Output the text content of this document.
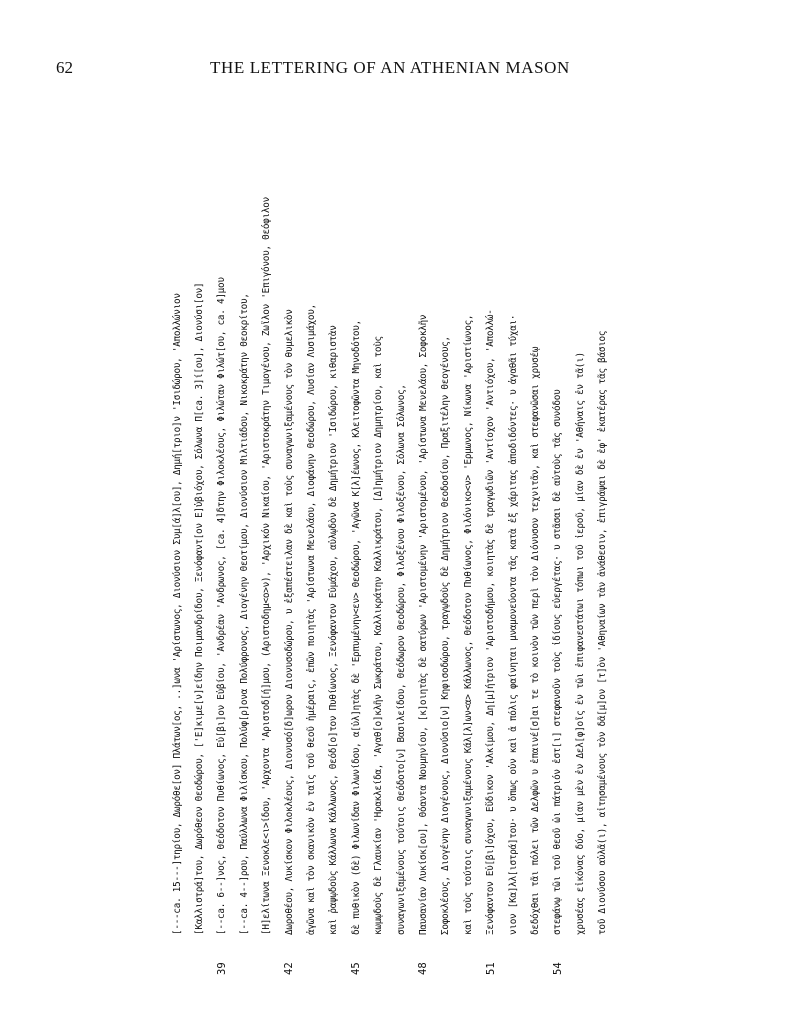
62	THE LETTERING OF AN ATHENIAN MASON
[---ca. 15---]τηρίου, Δωρόθε[ον] Πλάτων[ος, ..]ωνα 'Αρίστωνος, Διονύσιον Συμ[ά]λ[ου], Δημή[τριο]ν 'Ισιδώρου, 'Απολλώνιον [Καλλιστρά]του, Δωρόθεον Θεοδώρου, ['Ε]κιμε[ν]είδην Ποιμανδρίδου, Ξενόφαντ[ον Ε]ὐβιόχου, Σόλωνα Π[ca. 3]ί[ου], Διονύσι[ον]
39
[--ca. 6--]νος, Θεόδοτον Πυθίωνος, Εὐ[βι]ον Εὐβίου, 'Ανδρέαν 'Ανδρωνος, [ca. 4]δτην Φιλοκλέους, Φιλώταν Φιλώτ[ου, ca. 4]μου [--ca. 4--]ρου, Παύλλωνα Φιλίσκου, Πολύφ[ρ]ονα Πολύφρονος, Διογένην Θεοτίμου, Διονύσιον Μιλτιάδου, Νικοκράτην Θεοκρίτου, [Η]ελίτωνα Ξενοκλε<ι>ίδου, 'Αρχοντα 'Αριστοδ[ή]μου, (Αριστοδημ<ο>ν), 'Αρχικόν Νικαίου, 'Αριστοκράτην Τιμογένου, Ζωΐλον 'Επιγόνου, Θεόφιλον
42
Δωροθέου, Λυκίσκον Φιλοκλέους, Διονυσό[δ]ωρον Διονυσοδώρου, υ ἐξαπέστειλαν δὲ καὶ τοὺς συναγωνιξαμένους τὸν θυμελικὸν ἀγῶνα καὶ τὸν σκανικὸν ἐν ταῖς τοῦ θεοῦ ἡμέραις, ἐπῶν ποιητὰς 'Αρίστωνα Μενελάου, Διοφάνην Θεοδώρου, Λυσίαν Λυσιμάχου, καὶ ῥαψῳδοὺς Κάλλωνα Κάλλωνος, Θεόδ[ο]τον Πυθίωνος, Ξενόφαντον Εὐμάχου, αὐλῳδὸν δὲ Δημήτριον 'Ισιδώρου, κιθαριστὰν
45
δὲ πυθικὸν (δὲ) Φιλωνίδαν Φιλωνίδου, α[ὐλ]ητὰς δὲ 'Ερπυμένην<εν> Θεοδώρου, 'Αγῶνα Κ[λ]έωνος, Κλειτοφῶντα Μηνοδότου, κωμῳδοὺς δὲ Γλαυκίαν 'Ηρακλείδα, 'Αγαθ[ο]κλῆν Σωκράτου, Καλλικράτην Καλλικράτου, [Δ]ημήτριον Δημητρίου, καὶ τοὺς συναγωνιξαμένους τούτοις Θεόδοτο[ν] Βασιλείδου, Θεόδωρον Θεοδώρου, Φιλοξένου Φιλοξένου, Σόλωνα Σόλωνος,
48
Παυσανίαν Λυκίσκ[ου], Θόαντα Νουμηνίου, [κ]οιητὰς δὲ σατύρων 'Αριστομένην 'Αριστομένου, 'Αρίστωνα Μενελάου, Σοφοκλῆν Σοφοκλέους, Διογένην Διογένους, Διονύσιο[ν] Κηφισοδώρου, τραγῳδοὺς δὲ Δημήτριον Θεοδοσίου, Πραξιτέλην Θεογένους, καὶ τοὺς τούτοις συναγωνιξαμένους Κάλ[λ]ων<α> Κάλλωνος, Θεόδοτον Πυθίωνος, Φιλόνικο<ν> 'Ερμωνος, Νίκωνα 'Αριστίωνος,
51
Ξενόφαντον Εὐ[βι]όχου, Εὔδικον 'Αλκίμου, Δη[μ]ήτριον 'Αριστοδήμου, κοιητὰς δὲ τραγῳδιῶν 'Αντίοχον 'Αντιόχου, 'Απολλώ- νιον [Κα]λλ[ιστρά]του· υ ὅπως οὖν καὶ ἁ πόλις φαίνηται μναμονεύοντα τᾶς κατὰ ἐξ χάριτας ἀποδιδόντες· υ ἀγαθᾶι τύχαι· δεδόχθαι τᾶι πόλει τῶν Δελφῶν υ ἐπαινέ[σ]αι τε τὸ κοινὸν τῶν περὶ τὸν Διόνυσον τεχνιτᾶν, καὶ στεφανῶσαι χρυσέῳ
54
στεφάνῳ τῶι τοῦ θεοῦ ὧι πάτριόν ἐστ[ι] στεφανοῦν τοὺς ἰδίους εὐεργέτας· υ στᾶσαι δὲ αὐτοὺς τᾶς συνόδου χρυσέας εἰκόνας δύο, μίαν μὲν ἐν Δελ[φ]οῖς ἐν τῶι ἐπιφανεστάτωι τόπωι τοῦ ἱεροῦ, μίαν δὲ ἐν 'Αθήναις ἐν τᾶ(ι) τοῦ Διονύσου αὐλᾶ(ι), αἰτησαμένους τὸν δᾶ[μ]ον [τ]ὸν 'Αθηναίων τὰν ἀνάθεσιν, ἐπιγράψαι δὲ ἐφ' ἑκατέρας τᾶς βάσιος
